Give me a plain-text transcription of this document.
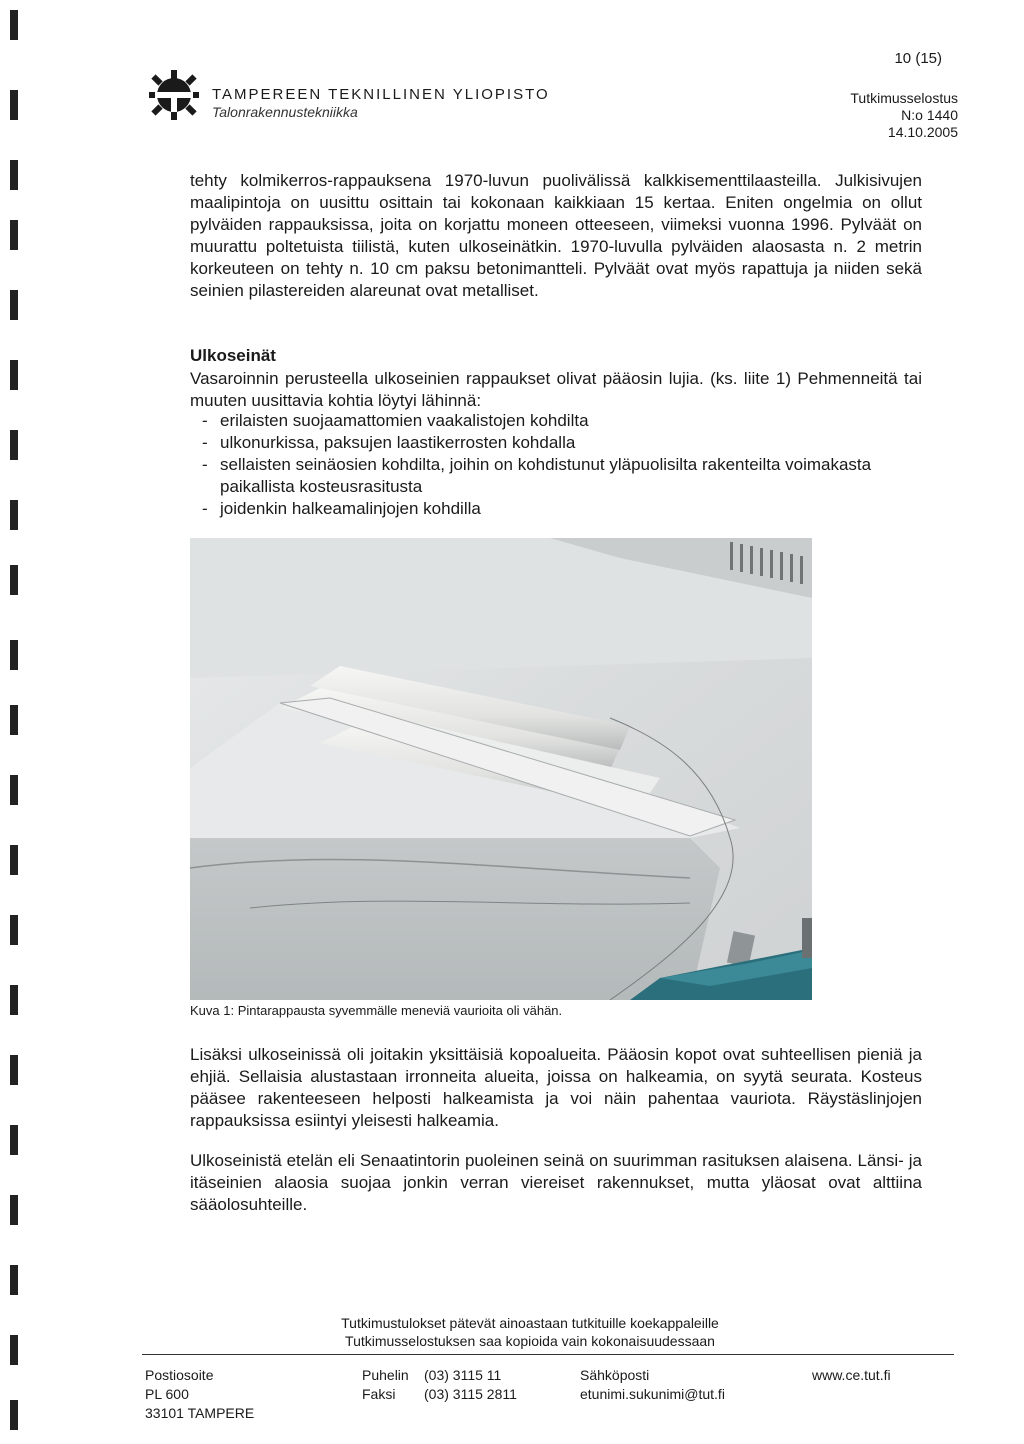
TAMPEREEN TEKNILLINEN YLIOPISTO
Talonrakennustekniikka
10 (15)
Tutkimusselostus
N:o 1440
14.10.2005
tehty kolmikerros-rappauksena 1970-luvun puolivälissä kalkkisementtilaasteilla. Julkisivujen maalipintoja on uusittu osittain tai kokonaan kaikkiaan 15 kertaa. Eniten ongelmia on ollut pylväiden rappauksissa, joita on korjattu moneen otteeseen, viimeksi vuonna 1996. Pylväät on muurattu poltetuista tiilistä, kuten ulkoseinätkin. 1970-luvulla pylväiden alaosasta n. 2 metrin korkeuteen on tehty n. 10 cm paksu betonimantteli. Pylväät ovat myös rapattuja ja niiden sekä seinien pilastereiden alareunat ovat metalliset.
Ulkoseinät
Vasaroinnin perusteella ulkoseinien rappaukset olivat pääosin lujia. (ks. liite 1) Pehmenneitä tai muuten uusittavia kohtia löytyi lähinnä:
- erilaisten suojaamattomien vaakalistojen kohdilta
- ulkonurkissa, paksujen laastikerrosten kohdalla
- sellaisten seinäosien kohdilta, joihin on kohdistunut yläpuolisilta rakenteilta voimakasta paikallista kosteusrasitusta
- joidenkin halkeamalinjojen kohdilla
Kuva 1: Pintarappausta syvemmälle meneviä vaurioita oli vähän.
Lisäksi ulkoseinissä oli joitakin yksittäisiä kopoalueita. Pääosin kopot ovat suhteellisen pieniä ja ehjiä. Sellaisia alustastaan irronneita alueita, joissa on halkeamia, on syytä seurata. Kosteus pääsee rakenteeseen helposti halkeamista ja voi näin pahentaa vauriota. Räystäslinjojen rappauksissa esiintyi yleisesti halkeamia.
Ulkoseinistä etelän eli Senaatintorin puoleinen seinä on suurimman rasituksen alaisena. Länsi- ja itäseinien alaosia suojaa jonkin verran viereiset rakennukset, mutta yläosat ovat alttiina sääolosuhteille.
Tutkimustulokset pätevät ainoastaan tutkituille koekappaleille
Tutkimusselostuksen saa kopioida vain kokonaisuudessaan
Postiosoite
PL 600
33101 TAMPERE
Puhelin (03) 3115 11
Faksi (03) 3115 2811
Sähköposti
etunimi.sukunimi@tut.fi
www.ce.tut.fi
